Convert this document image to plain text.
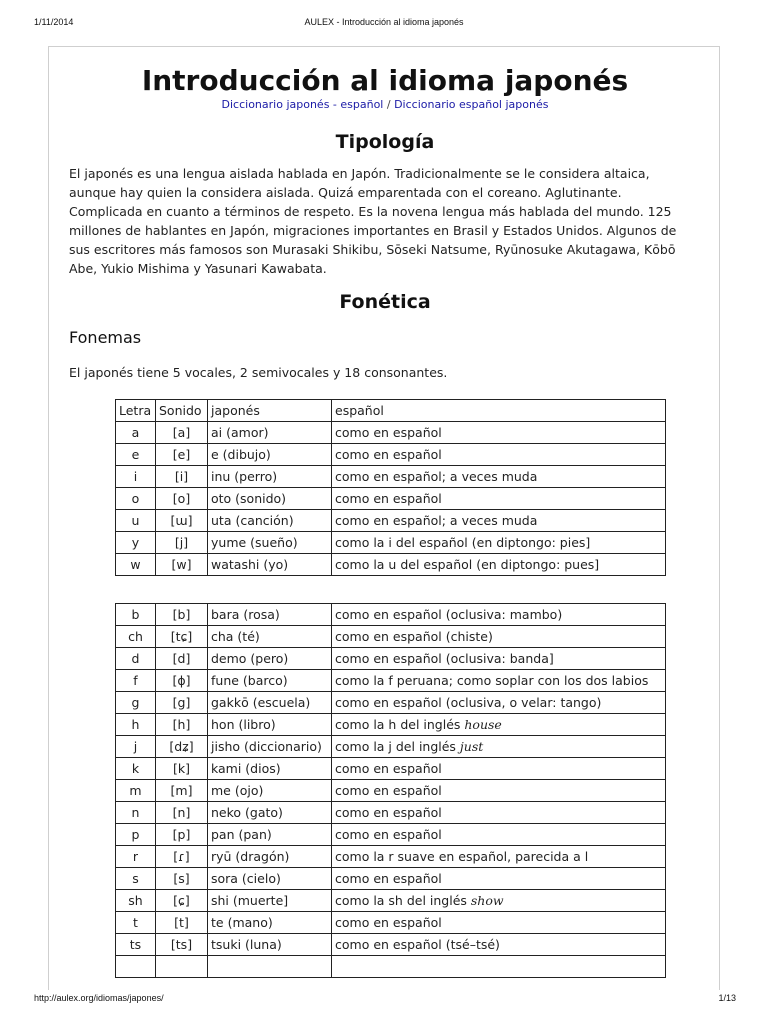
1/11/2014	AULEX - Introducción al idioma japonés
Introducción al idioma japonés
Diccionario japonés - español / Diccionario español japonés
Tipología
El japonés es una lengua aislada hablada en Japón. Tradicionalmente se le considera altaica, aunque hay quien la considera aislada. Quizá emparentada con el coreano. Aglutinante. Complicada en cuanto a términos de respeto. Es la novena lengua más hablada del mundo. 125 millones de hablantes en Japón, migraciones importantes en Brasil y Estados Unidos. Algunos de sus escritores más famosos son Murasaki Shikibu, Sōseki Natsume, Ryūnosuke Akutagawa, Kōbō Abe, Yukio Mishima y Yasunari Kawabata.
Fonética
Fonemas
El japonés tiene 5 vocales, 2 semivocales y 18 consonantes.
Letra	Sonido	japonés	español
a	[a]	ai (amor)	como en español
e	[e]	e (dibujo)	como en español
i	[i]	inu (perro)	como en español; a veces muda
o	[o]	oto (sonido)	como en español
u	[ɯ]	uta (canción)	como en español; a veces muda
y	[j]	yume (sueño)	como la i del español (en diptongo: pies]
w	[w]	watashi (yo)	como la u del español (en diptongo: pues]
b	[b]	bara (rosa)	como en español (oclusiva: mambo)
ch	[tɕ]	cha (té)	como en español (chiste)
d	[d]	demo (pero)	como en español (oclusiva: banda]
f	[ɸ]	fune (barco)	como la f peruana; como soplar con los dos labios
g	[g]	gakkō (escuela)	como en español (oclusiva, o velar: tango)
h	[h]	hon (libro)	como la h del inglés house
j	[dʑ]	jisho (diccionario)	como la j del inglés just
k	[k]	kami (dios)	como en español
m	[m]	me (ojo)	como en español
n	[n]	neko (gato)	como en español
p	[p]	pan (pan)	como en español
r	[ɾ]	ryū (dragón)	como la r suave en español, parecida a l
s	[s]	sora (cielo)	como en español
sh	[ɕ]	shi (muerte]	como la sh del inglés show
t	[t]	te (mano)	como en español
ts	[ts]	tsuki (luna)	como en español (tsé–tsé)

http://aulex.org/idiomas/japones/	1/13
